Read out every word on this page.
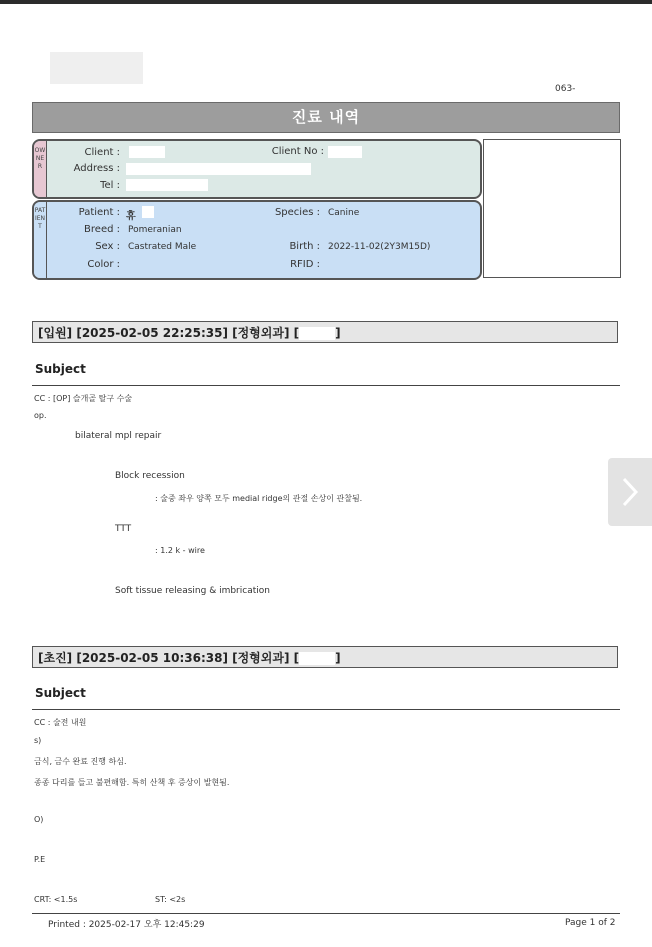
063-
진료 내역
OWNER
Client :	Client No :
Address :
Tel :
PATIENT
Patient : 휴	Species : Canine
Breed : Pomeranian
Sex : Castrated Male	Birth : 2022-11-02(2Y3M15D)
Color :	RFID :
[입원] [2025-02-05 22:25:35] [정형외과] [	]
Subject
CC : [OP] 슬개골 탈구 수술
op.
bilateral mpl repair
Block recession
: 술중 좌우 양쪽 모두 medial ridge의 관절 손상이 관찰됨.
TTT
: 1.2 k - wire
Soft tissue releasing & imbrication
[초진] [2025-02-05 10:36:38] [정형외과] [	]
Subject
CC : 술전 내원
s)
금식, 금수 완료 진행 하심.
종종 다리를 들고 불편해함. 특히 산책 후 증상이 발현됨.
O)
P.E
CRT: <1.5s	ST: <2s
Printed : 2025-02-17 오후 12:45:29	Page 1 of 2
